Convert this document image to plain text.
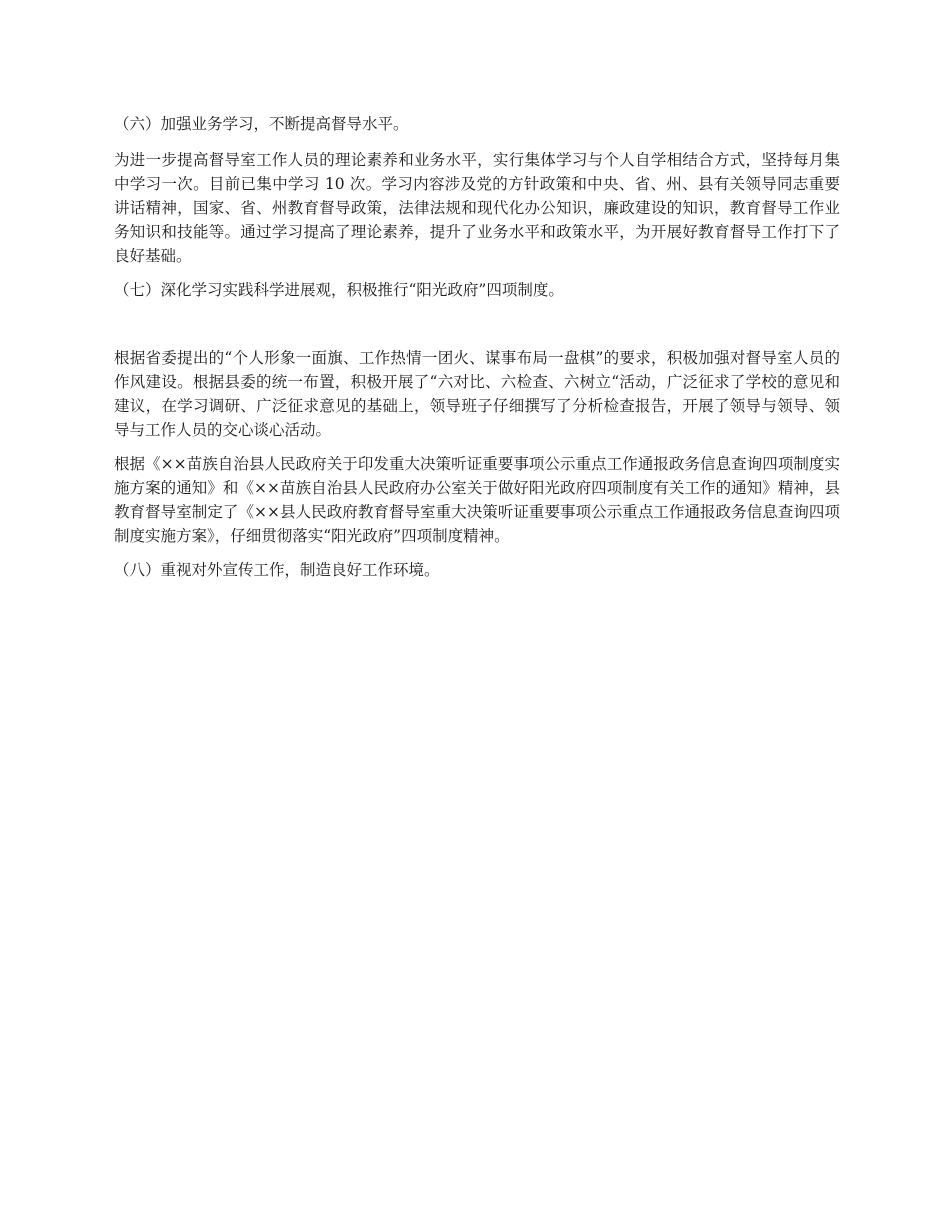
（六）加强业务学习，不断提高督导水平。

为进一步提高督导室工作人员的理论素养和业务水平，实行集体学习与个人自学相结合方式，坚持每月集中学习一次。目前已集中学习 10 次。学习内容涉及党的方针政策和中央、省、州、县有关领导同志重要讲话精神，国家、省、州教育督导政策，法律法规和现代化办公知识，廉政建设的知识，教育督导工作业务知识和技能等。通过学习提高了理论素养，提升了业务水平和政策水平，为开展好教育督导工作打下了良好基础。

（七）深化学习实践科学进展观，积极推行“阳光政府”四项制度。

根据省委提出的“个人形象一面旗、工作热情一团火、谋事布局一盘棋”的要求，积极加强对督导室人员的作风建设。根据县委的统一布置，积极开展了“六对比、六检查、六树立“活动，广泛征求了学校的意见和建议，在学习调研、广泛征求意见的基础上，领导班子仔细撰写了分析检查报告，开展了领导与领导、领导与工作人员的交心谈心活动。

根据《××苗族自治县人民政府关于印发重大决策听证重要事项公示重点工作通报政务信息查询四项制度实施方案的通知》和《××苗族自治县人民政府办公室关于做好阳光政府四项制度有关工作的通知》精神，县教育督导室制定了《××县人民政府教育督导室重大决策听证重要事项公示重点工作通报政务信息查询四项制度实施方案》，仔细贯彻落实“阳光政府”四项制度精神。

（八）重视对外宣传工作，制造良好工作环境。
